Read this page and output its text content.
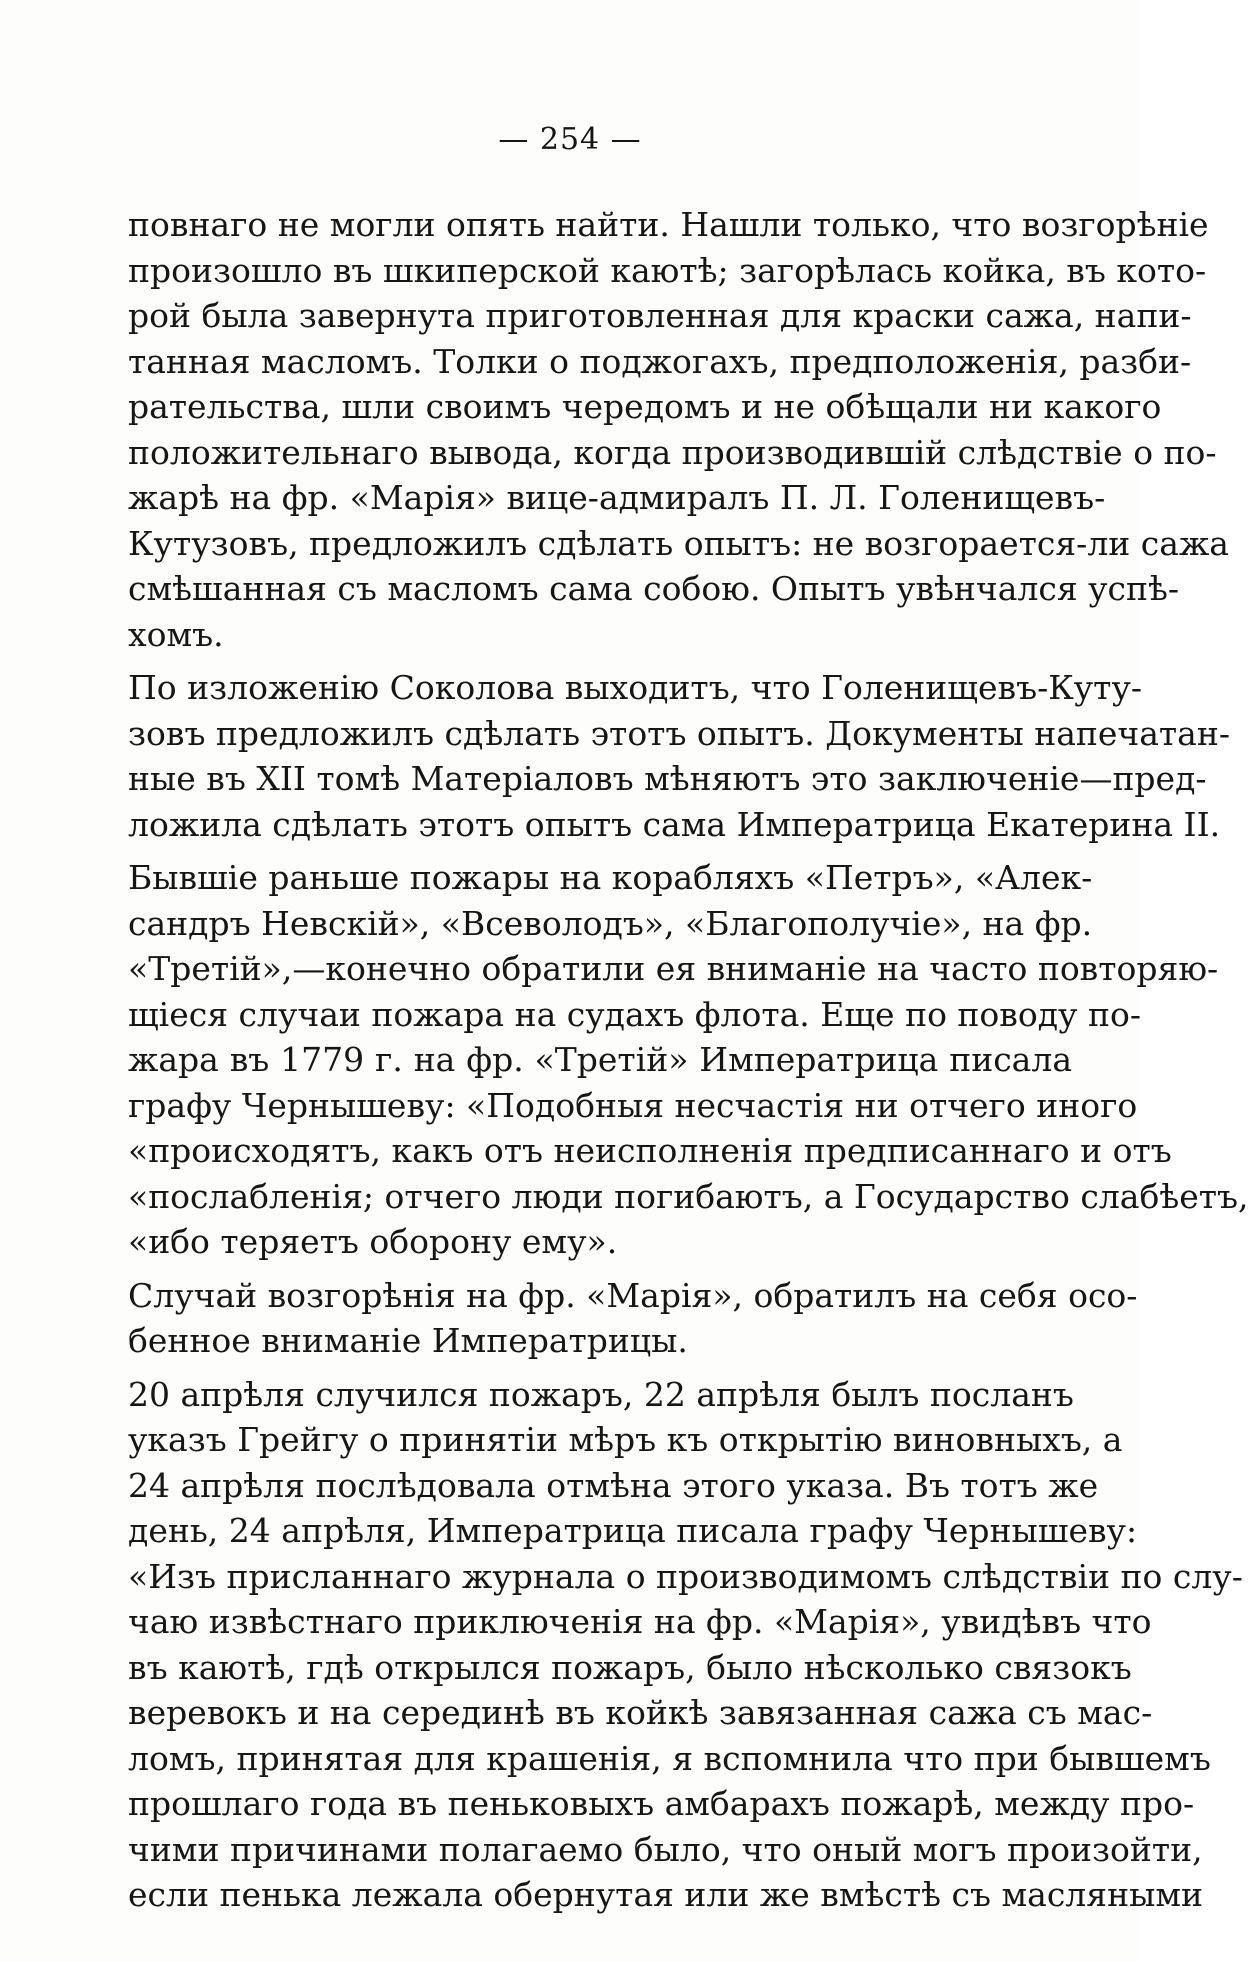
— 254 —
повнаго не могли опять найти. Нашли только, что возгорѣніе
произошло въ шкиперской каютѣ; загорѣлась койка, въ кото-
рой была завернута приготовленная для краски сажа, напи-
танная масломъ. Толки о поджогахъ, предположенія, разби-
рательства, шли своимъ чередомъ и не обѣщали ни какого
положительнаго вывода, когда производившій слѣдствіе о по-
жарѣ на фр. «Марія» вице-адмиралъ П. Л. Голенищевъ-
Кутузовъ, предложилъ сдѣлать опытъ: не возгорается-ли сажа
смѣшанная съ масломъ сама собою. Опытъ увѣнчался успѣ-
хомъ.
По изложенію Соколова выходитъ, что Голенищевъ-Куту-
зовъ предложилъ сдѣлать этотъ опытъ. Документы напечатан-
ные въ XII томѣ Матеріаловъ мѣняютъ это заключеніе—пред-
ложила сдѣлать этотъ опытъ сама Императрица Екатерина II.
Бывшіе раньше пожары на корабляхъ «Петръ», «Алек-
сандръ Невскій», «Всеволодъ», «Благополучіе», на фр.
«Третій»,—конечно обратили ея вниманіе на часто повторяю-
щіеся случаи пожара на судахъ флота. Еще по поводу по-
жара въ 1779 г. на фр. «Третій» Императрица писала
графу Чернышеву: «Подобныя несчастія ни отчего иного
«происходятъ, какъ отъ неисполненія предписаннаго и отъ
«послабленія; отчего люди погибаютъ, а Государство слабѣетъ,
«ибо теряетъ оборону ему».
Случай возгорѣнія на фр. «Марія», обратилъ на себя осо-
бенное вниманіе Императрицы.
20 апрѣля случился пожаръ, 22 апрѣля былъ посланъ
указъ Грейгу о принятіи мѣръ къ открытію виновныхъ, а
24 апрѣля послѣдовала отмѣна этого указа. Въ тотъ же
день, 24 апрѣля, Императрица писала графу Чернышеву:
«Изъ присланнаго журнала о производимомъ слѣдствіи по слу-
чаю извѣстнаго приключенія на фр. «Марія», увидѣвъ что
въ каютѣ, гдѣ открылся пожаръ, было нѣсколько связокъ
веревокъ и на серединѣ въ койкѣ завязанная сажа съ мас-
ломъ, принятая для крашенія, я вспомнила что при бывшемъ
прошлаго года въ пеньковыхъ амбарахъ пожарѣ, между про-
чими причинами полагаемо было, что оный могъ произойти,
если пенька лежала обернутая или же вмѣстѣ съ масляными
